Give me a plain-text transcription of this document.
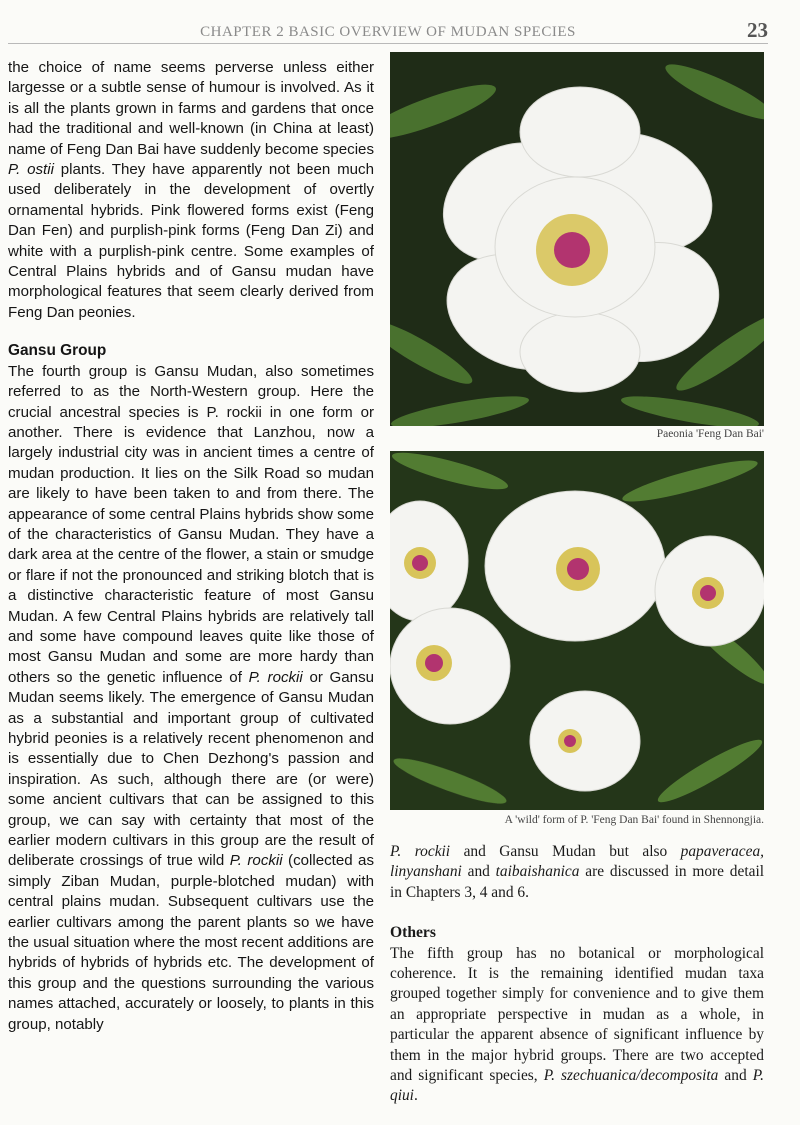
CHAPTER 2 BASIC OVERVIEW OF MUDAN SPECIES	23

the choice of name seems perverse unless either largesse or a subtle sense of humour is involved. As it is all the plants grown in farms and gardens that once had the traditional and well-known (in China at least) name of Feng Dan Bai have suddenly become species P. ostii plants. They have apparently not been much used deliberately in the development of overtly ornamental hybrids. Pink flowered forms exist (Feng Dan Fen) and purplish-pink forms (Feng Dan Zi) and white with a purplish-pink centre. Some examples of Central Plains hybrids and of Gansu mudan have morphological features that seem clearly derived from Feng Dan peonies.

Gansu Group

The fourth group is Gansu Mudan, also sometimes referred to as the North-Western group. Here the crucial ancestral species is P. rockii in one form or another. There is evidence that Lanzhou, now a largely industrial city was in ancient times a centre of mudan production. It lies on the Silk Road so mudan are likely to have been taken to and from there. The appearance of some central Plains hybrids show some of the characteristics of Gansu Mudan. They have a dark area at the centre of the flower, a stain or smudge or flare if not the pronounced and striking blotch that is a distinctive characteristic feature of most Gansu Mudan. A few Central Plains hybrids are relatively tall and some have compound leaves quite like those of most Gansu Mudan and some are more hardy than others so the genetic influence of P. rockii or Gansu Mudan seems likely. The emergence of Gansu Mudan as a substantial and important group of cultivated hybrid peonies is a relatively recent phenomenon and is essentially due to Chen Dezhong's passion and inspiration. As such, although there are (or were) some ancient cultivars that can be assigned to this group, we can say with certainty that most of the earlier modern cultivars in this group are the result of deliberate crossings of true wild P. rockii (collected as simply Ziban Mudan, purple-blotched mudan) with central plains mudan. Subsequent cultivars use the earlier cultivars among the parent plants so we have the usual situation where the most recent additions are hybrids of hybrids of hybrids etc. The development of this group and the questions surrounding the various names attached, accurately or loosely, to plants in this group, notably

Paeonia 'Feng Dan Bai'
A 'wild' form of P. 'Feng Dan Bai' found in Shennongjia.

P. rockii and Gansu Mudan but also papaveracea, linyanshani and taibaishanica are discussed in more detail in Chapters 3, 4 and 6.

Others

The fifth group has no botanical or morphological coherence. It is the remaining identified mudan taxa grouped together simply for convenience and to give them an appropriate perspective in mudan as a whole, in particular the apparent absence of significant influence by them in the major hybrid groups. There are two accepted and significant species, P. szechuanica/decomposita and P. qiui.
